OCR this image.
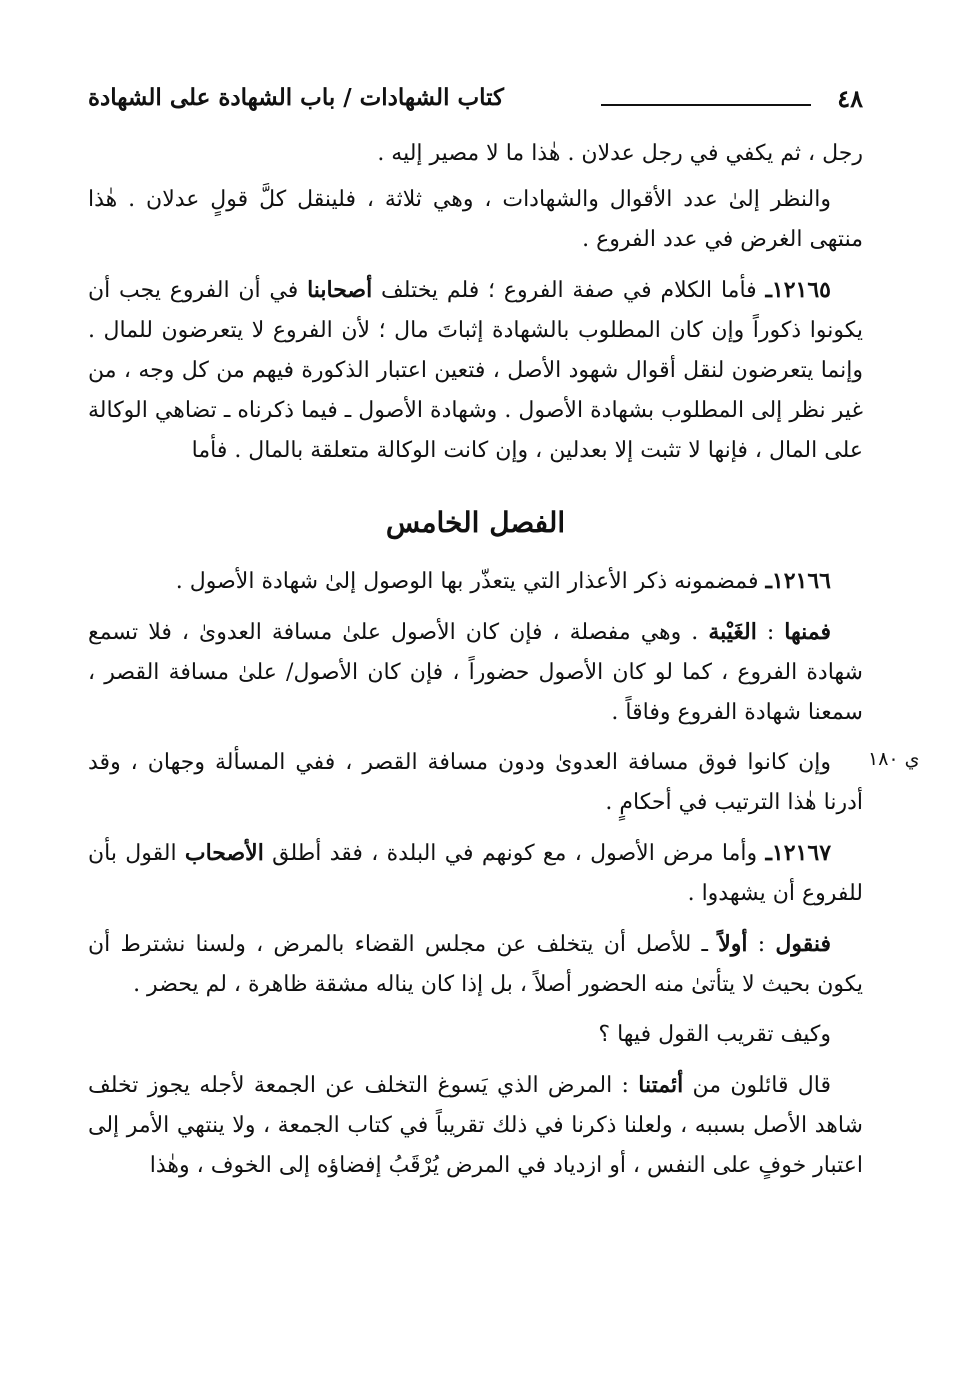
٤٨
كتاب الشهادات / باب الشهادة على الشهادة
ي ١٨٠

رجل ، ثم يكفي في رجل عدلان . هٰذا ما لا مصير إليه .

والنظر إلىٰ عدد الأقوال والشهادات ، وهي ثلاثة ، فلينقل كلَّ قولٍ عدلان . هٰذا منتهى الغرض في عدد الفروع .

١٢١٦٥ـ فأما الكلام في صفة الفروع ؛ فلم يختلف أصحابنا في أن الفروع يجب أن يكونوا ذكوراً وإن كان المطلوب بالشهادة إثباتَ مال ؛ لأن الفروع لا يتعرضون للمال . وإنما يتعرضون لنقل أقوال شهود الأصل ، فتعين اعتبار الذكورة فيهم من كل وجه ، من غير نظر إلى المطلوب بشهادة الأصول . وشهادة الأصول ـ فيما ذكرناه ـ تضاهي الوكالة على المال ، فإنها لا تثبت إلا بعدلين ، وإن كانت الوكالة متعلقة بالمال . فأما

الفصل الخامس

١٢١٦٦ـ فمضمونه ذكر الأعذار التي يتعذّر بها الوصول إلىٰ شهادة الأصول .

فمنها : الغَيْبة . وهي مفصلة ، فإن كان الأصول علىٰ مسافة العدوىٰ ، فلا تسمع شهادة الفروع ، كما لو كان الأصول حضوراً ، فإن كان الأصول/ علىٰ مسافة القصر ، سمعنا شهادة الفروع وفاقاً .

وإن كانوا فوق مسافة العدوىٰ ودون مسافة القصر ، ففي المسألة وجهان ، وقد أدرنا هٰذا الترتيب في أحكامٍ .

١٢١٦٧ـ وأما مرض الأصول ، مع كونهم في البلدة ، فقد أطلق الأصحاب القول بأن للفروع أن يشهدوا .

فنقول : أولاً ـ للأصل أن يتخلف عن مجلس القضاء بالمرض ، ولسنا نشترط أن يكون بحيث لا يتأتىٰ منه الحضور أصلاً ، بل إذا كان يناله مشقة ظاهرة ، لم يحضر .

وكيف تقريب القول فيها ؟

قال قائلون من أئمتنا : المرض الذي يَسوغ التخلف عن الجمعة لأجله يجوز تخلف شاهد الأصل بسببه ، ولعلنا ذكرنا في ذلك تقريباً في كتاب الجمعة ، ولا ينتهي الأمر إلى اعتبار خوفٍ على النفس ، أو ازدياد في المرض يُرْقَبُ إفضاؤه إلى الخوف ، وهٰذا
